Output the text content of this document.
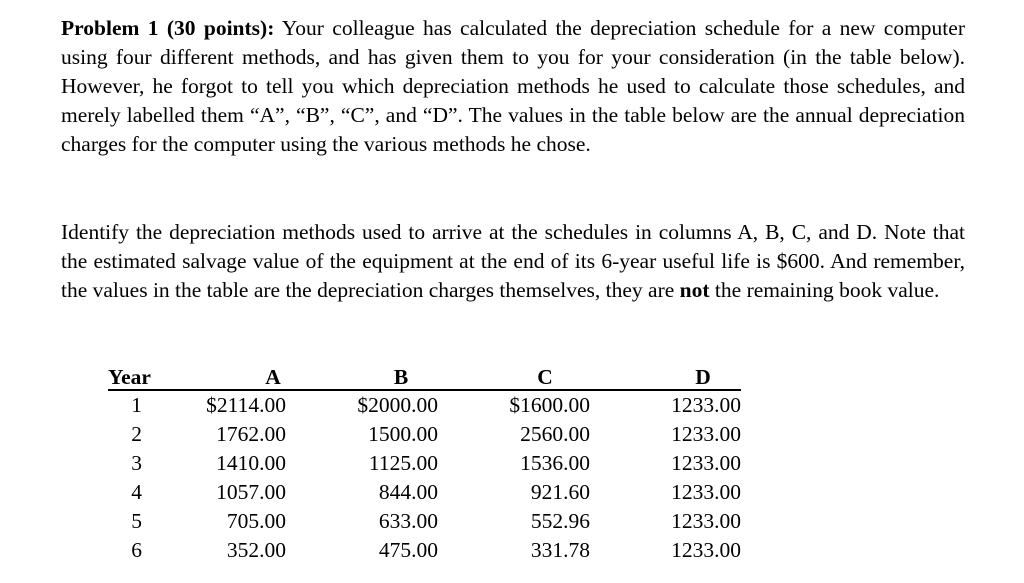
Problem 1 (30 points): Your colleague has calculated the depreciation schedule for a new computer using four different methods, and has given them to you for your consideration (in the table below). However, he forgot to tell you which depreciation methods he used to calculate those schedules, and merely labelled them “A”, “B”, “C”, and “D”. The values in the table below are the annual depreciation charges for the computer using the various methods he chose.

Identify the depreciation methods used to arrive at the schedules in columns A, B, C, and D. Note that the estimated salvage value of the equipment at the end of its 6-year useful life is $600. And remember, the values in the table are the depreciation charges themselves, they are not the remaining book value.

Year	A	B	C	D
1	$2114.00	$2000.00	$1600.00	1233.00
2	1762.00	1500.00	2560.00	1233.00
3	1410.00	1125.00	1536.00	1233.00
4	1057.00	844.00	921.60	1233.00
5	705.00	633.00	552.96	1233.00
6	352.00	475.00	331.78	1233.00
